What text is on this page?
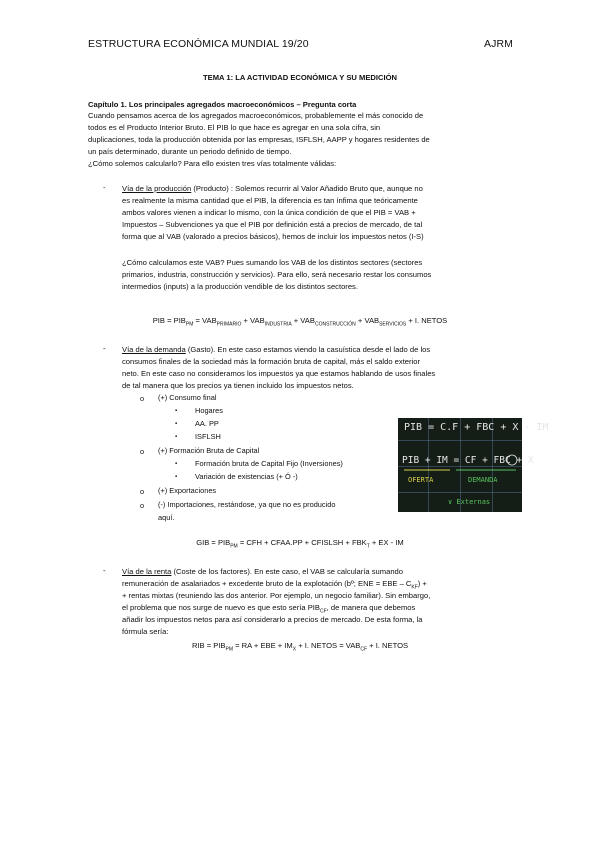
ESTRUCTURA ECONÓMICA MUNDIAL 19/20	AJRM
TEMA 1: LA ACTIVIDAD ECONÓMICA Y SU MEDICIÓN
Capítulo 1. Los principales agregados macroeconómicos – Pregunta corta
Cuando pensamos acerca de los agregados macroeconómicos, probablemente el más conocido de
todos es el Producto Interior Bruto. El PIB lo que hace es agregar en una sola cifra, sin
duplicaciones, toda la producción obtenida por las empresas, ISFLSH, AAPP y hogares residentes de
un país determinado, durante un periodo definido de tiempo.
¿Cómo solemos calcularlo? Para ello existen tres vías totalmente válidas:
- Vía de la producción (Producto) : Solemos recurrir al Valor Añadido Bruto que, aunque no
es realmente la misma cantidad que el PIB, la diferencia es tan ínfima que teóricamente
ambos valores vienen a indicar lo mismo, con la única condición de que el PIB = VAB +
Impuestos – Subvenciones ya que el PIB por definición está a precios de mercado, de tal
forma que al VAB (valorado a precios básicos), hemos de incluir los impuestos netos (I-S)
¿Cómo calculamos este VAB? Pues sumando los VAB de los distintos sectores (sectores
primarios, industria, construcción y servicios). Para ello, será necesario restar los consumos
intermedios (inputs) a la producción vendible de los distintos sectores.
PIB = $PIB_{PM} = VAB_{PRIMARIO} + VAB_{INDUSTRIA} + VAB_{CONSTRUCCIÓN} + VAB_{SERVICIOS} + I$. NETOS
- Vía de la demanda (Gasto). En este caso estamos viendo la casuística desde el lado de los
consumos finales de la sociedad más la formación bruta de capital, más el saldo exterior
neto. En este caso no consideramos los impuestos ya que estamos hablando de usos finales
de tal manera que los precios ya tienen incluido los impuestos netos.
o (+) Consumo final
▪ Hogares
▪ AA. PP
▪ ISFLSH
o (+) Formación Bruta de Capital
▪ Formación bruta de Capital Fijo (Inversiones)
▪ Variación de existencias (+ Ó -)
o (+) Exportaciones
o (-) Importaciones, restándose, ya que no es producido
aquí.
PIB = C.F + FBC + X - IM
PIB + IM = CF + FBC + X
OFERTA	DEMANDA
∨ Externas
GIB = $PIB_{PM}$ = CFH + CFAA.PP + CFISLSH + $FBK_T$ + EX - IM
- Vía de la renta (Coste de los factores). En este caso, el VAB se calcularía sumando
remuneración de asalariados + excedente bruto de la explotación (bº; ENE = EBE – $C_{KF}$) +
+ rentas mixtas (reuniendo las dos anterior. Por ejemplo, un negocio familiar). Sin embargo,
el problema que nos surge de nuevo es que esto sería $PIB_{CF}$, de manera que debemos
añadir los impuestos netos para así considerarlo a precios de mercado. De esta forma, la
fórmula sería:
RIB = $PIB_{PM}$ = RA + EBE + $IM_X + I$. NETOS = $VAB_{CF} + I$. NETOS
